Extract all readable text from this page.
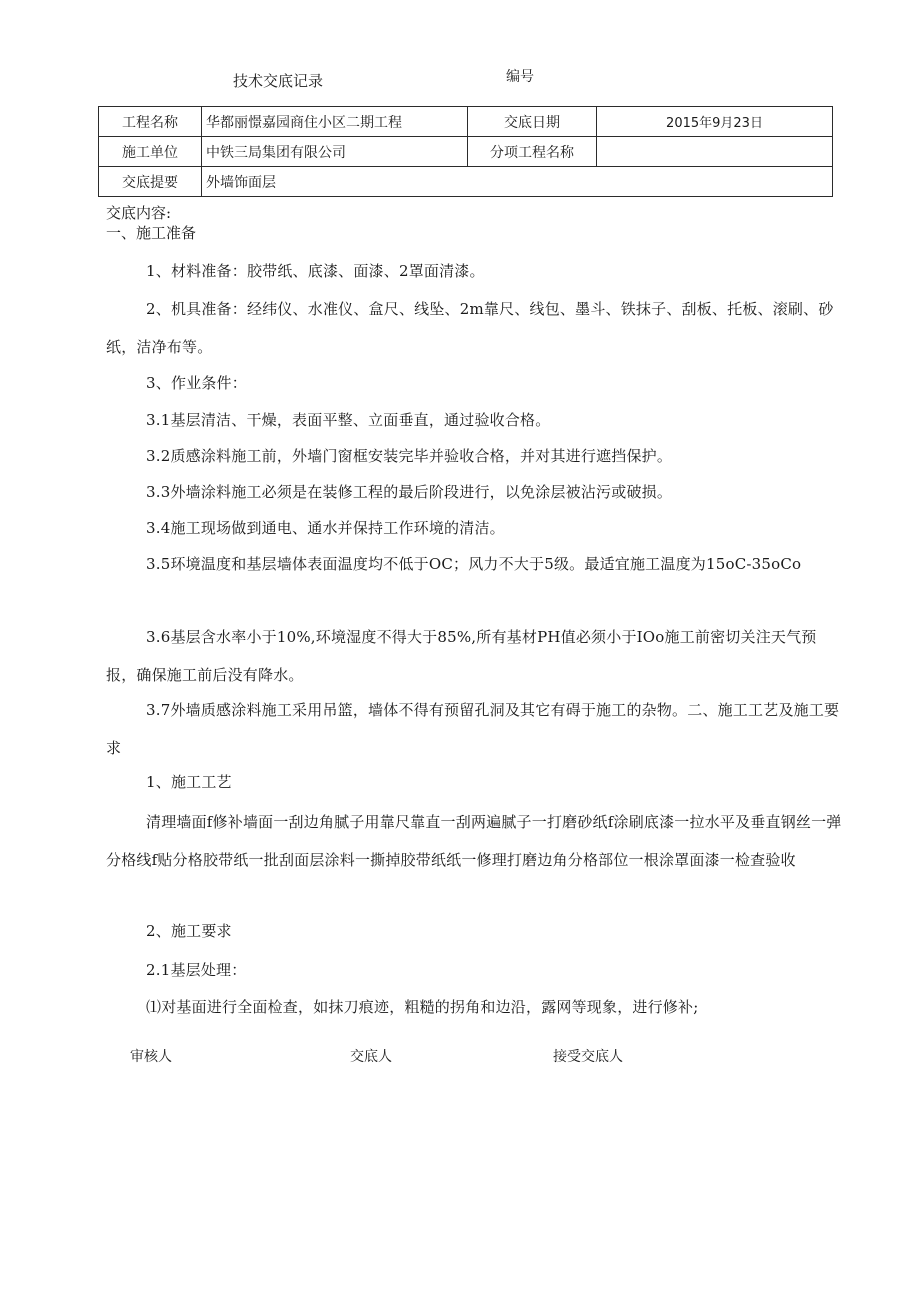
技术交底记录	编号
工程名称	华都丽憬嘉园商住小区二期工程	交底日期	2015年9月23日
施工单位	中铁三局集团有限公司	分项工程名称	
交底提要	外墙饰面层		
交底内容:
一、施工准备
1、材料准备：胶带纸、底漆、面漆、2罩面清漆。
2、机具准备：经纬仪、水准仪、盒尺、线坠、2m靠尺、线包、墨斗、铁抹子、刮板、托板、滚刷、砂纸，洁净布等。
3、作业条件：
3.1基层清洁、干燥，表面平整、立面垂直，通过验收合格。
3.2质感涂料施工前，外墙门窗框安装完毕并验收合格，并对其进行遮挡保护。
3.3外墙涂料施工必须是在装修工程的最后阶段进行，以免涂层被沾污或破损。
3.4施工现场做到通电、通水并保持工作环境的清洁。
3.5环境温度和基层墙体表面温度均不低于OC；风力不大于5级。最适宜施工温度为15oC-35oCo
3.6基层含水率小于10%,环境湿度不得大于85%,所有基材PH值必须小于IOo施工前密切关注天气预报，确保施工前后没有降水。
3.7外墙质感涂料施工采用吊篮，墙体不得有预留孔洞及其它有碍于施工的杂物。二、施工工艺及施工要求
1、施工工艺
清理墙面f修补墙面一刮边角腻子用靠尺靠直一刮两遍腻子一打磨砂纸f涂刷底漆一拉水平及垂直钢丝一弹分格线f贴分格胶带纸一批刮面层涂料一撕掉胶带纸纸一修理打磨边角分格部位一根涂罩面漆一检查验收
2、施工要求
2.1基层处理：
⑴对基面进行全面检查，如抹刀痕迹，粗糙的拐角和边沿，露网等现象，进行修补;
审核人	交底人	接受交底人
